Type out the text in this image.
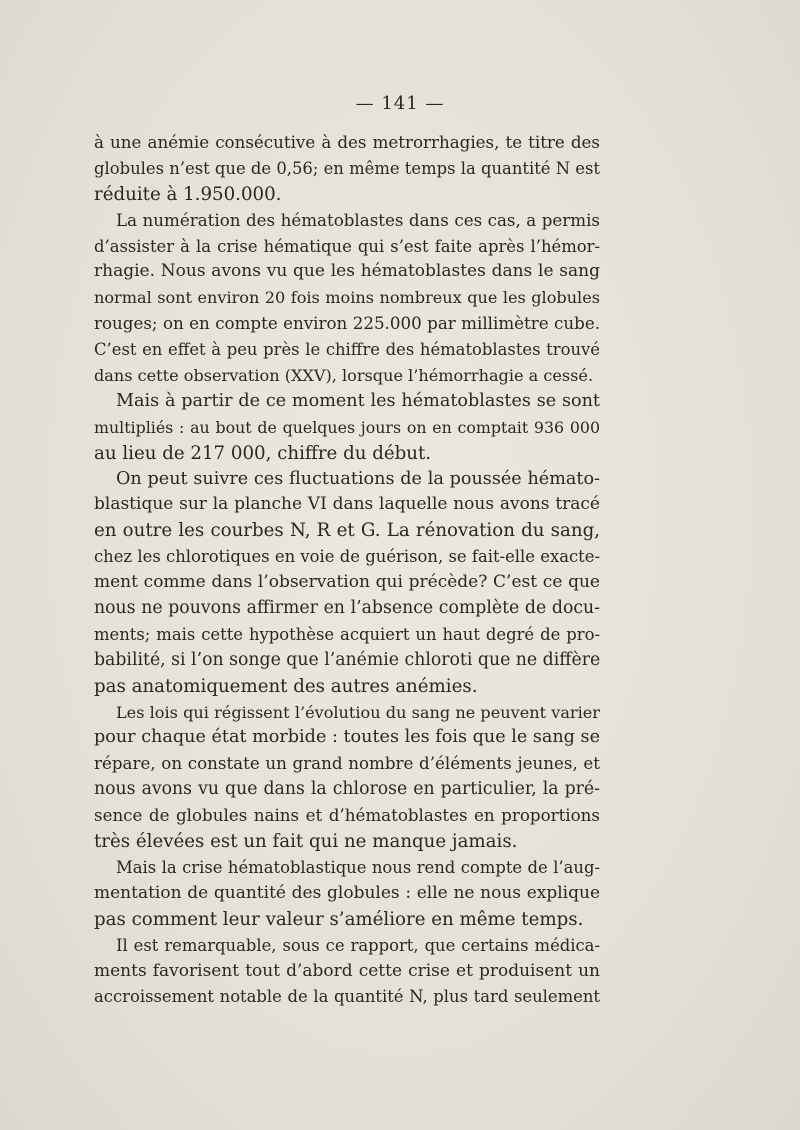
— 141 —
à une anémie consécutive à des metrorrhagies, te titre des
globules n’est que de 0,56; en même temps la quantité N est
réduite à 1.950.000.
La numération des hématoblastes dans ces cas, a permis
d’assister à la crise hématique qui s’est faite après l’hémor-
rhagie. Nous avons vu que les hématoblastes dans le sang
normal sont environ 20 fois moins nombreux que les globules
rouges; on en compte environ 225.000 par millimètre cube.
C’est en effet à peu près le chiffre des hématoblastes trouvé
dans cette observation (XXV), lorsque l’hémorrhagie a cessé.
Mais à partir de ce moment les hématoblastes se sont
multipliés : au bout de quelques jours on en comptait 936 000
au lieu de 217 000, chiffre du début.
On peut suivre ces fluctuations de la poussée hémato-
blastique sur la planche VI dans laquelle nous avons tracé
en outre les courbes N, R et G. La rénovation du sang,
chez les chlorotiques en voie de guérison, se fait-elle exacte-
ment comme dans l’observation qui précède? C’est ce que
nous ne pouvons affirmer en l’absence complète de docu-
ments; mais cette hypothèse acquiert un haut degré de pro-
babilité, si l’on songe que l’anémie chloroti que ne diffère
pas anatomiquement des autres anémies.
Les lois qui régissent l’évolutiou du sang ne peuvent varier
pour chaque état morbide : toutes les fois que le sang se
répare, on constate un grand nombre d’éléments jeunes, et
nous avons vu que dans la chlorose en particulier, la pré-
sence de globules nains et d’hématoblastes en proportions
très élevées est un fait qui ne manque jamais.
Mais la crise hématoblastique nous rend compte de l’aug-
mentation de quantité des globules : elle ne nous explique
pas comment leur valeur s’améliore en même temps.
Il est remarquable, sous ce rapport, que certains médica-
ments favorisent tout d’abord cette crise et produisent un
accroissement notable de la quantité N, plus tard seulement
